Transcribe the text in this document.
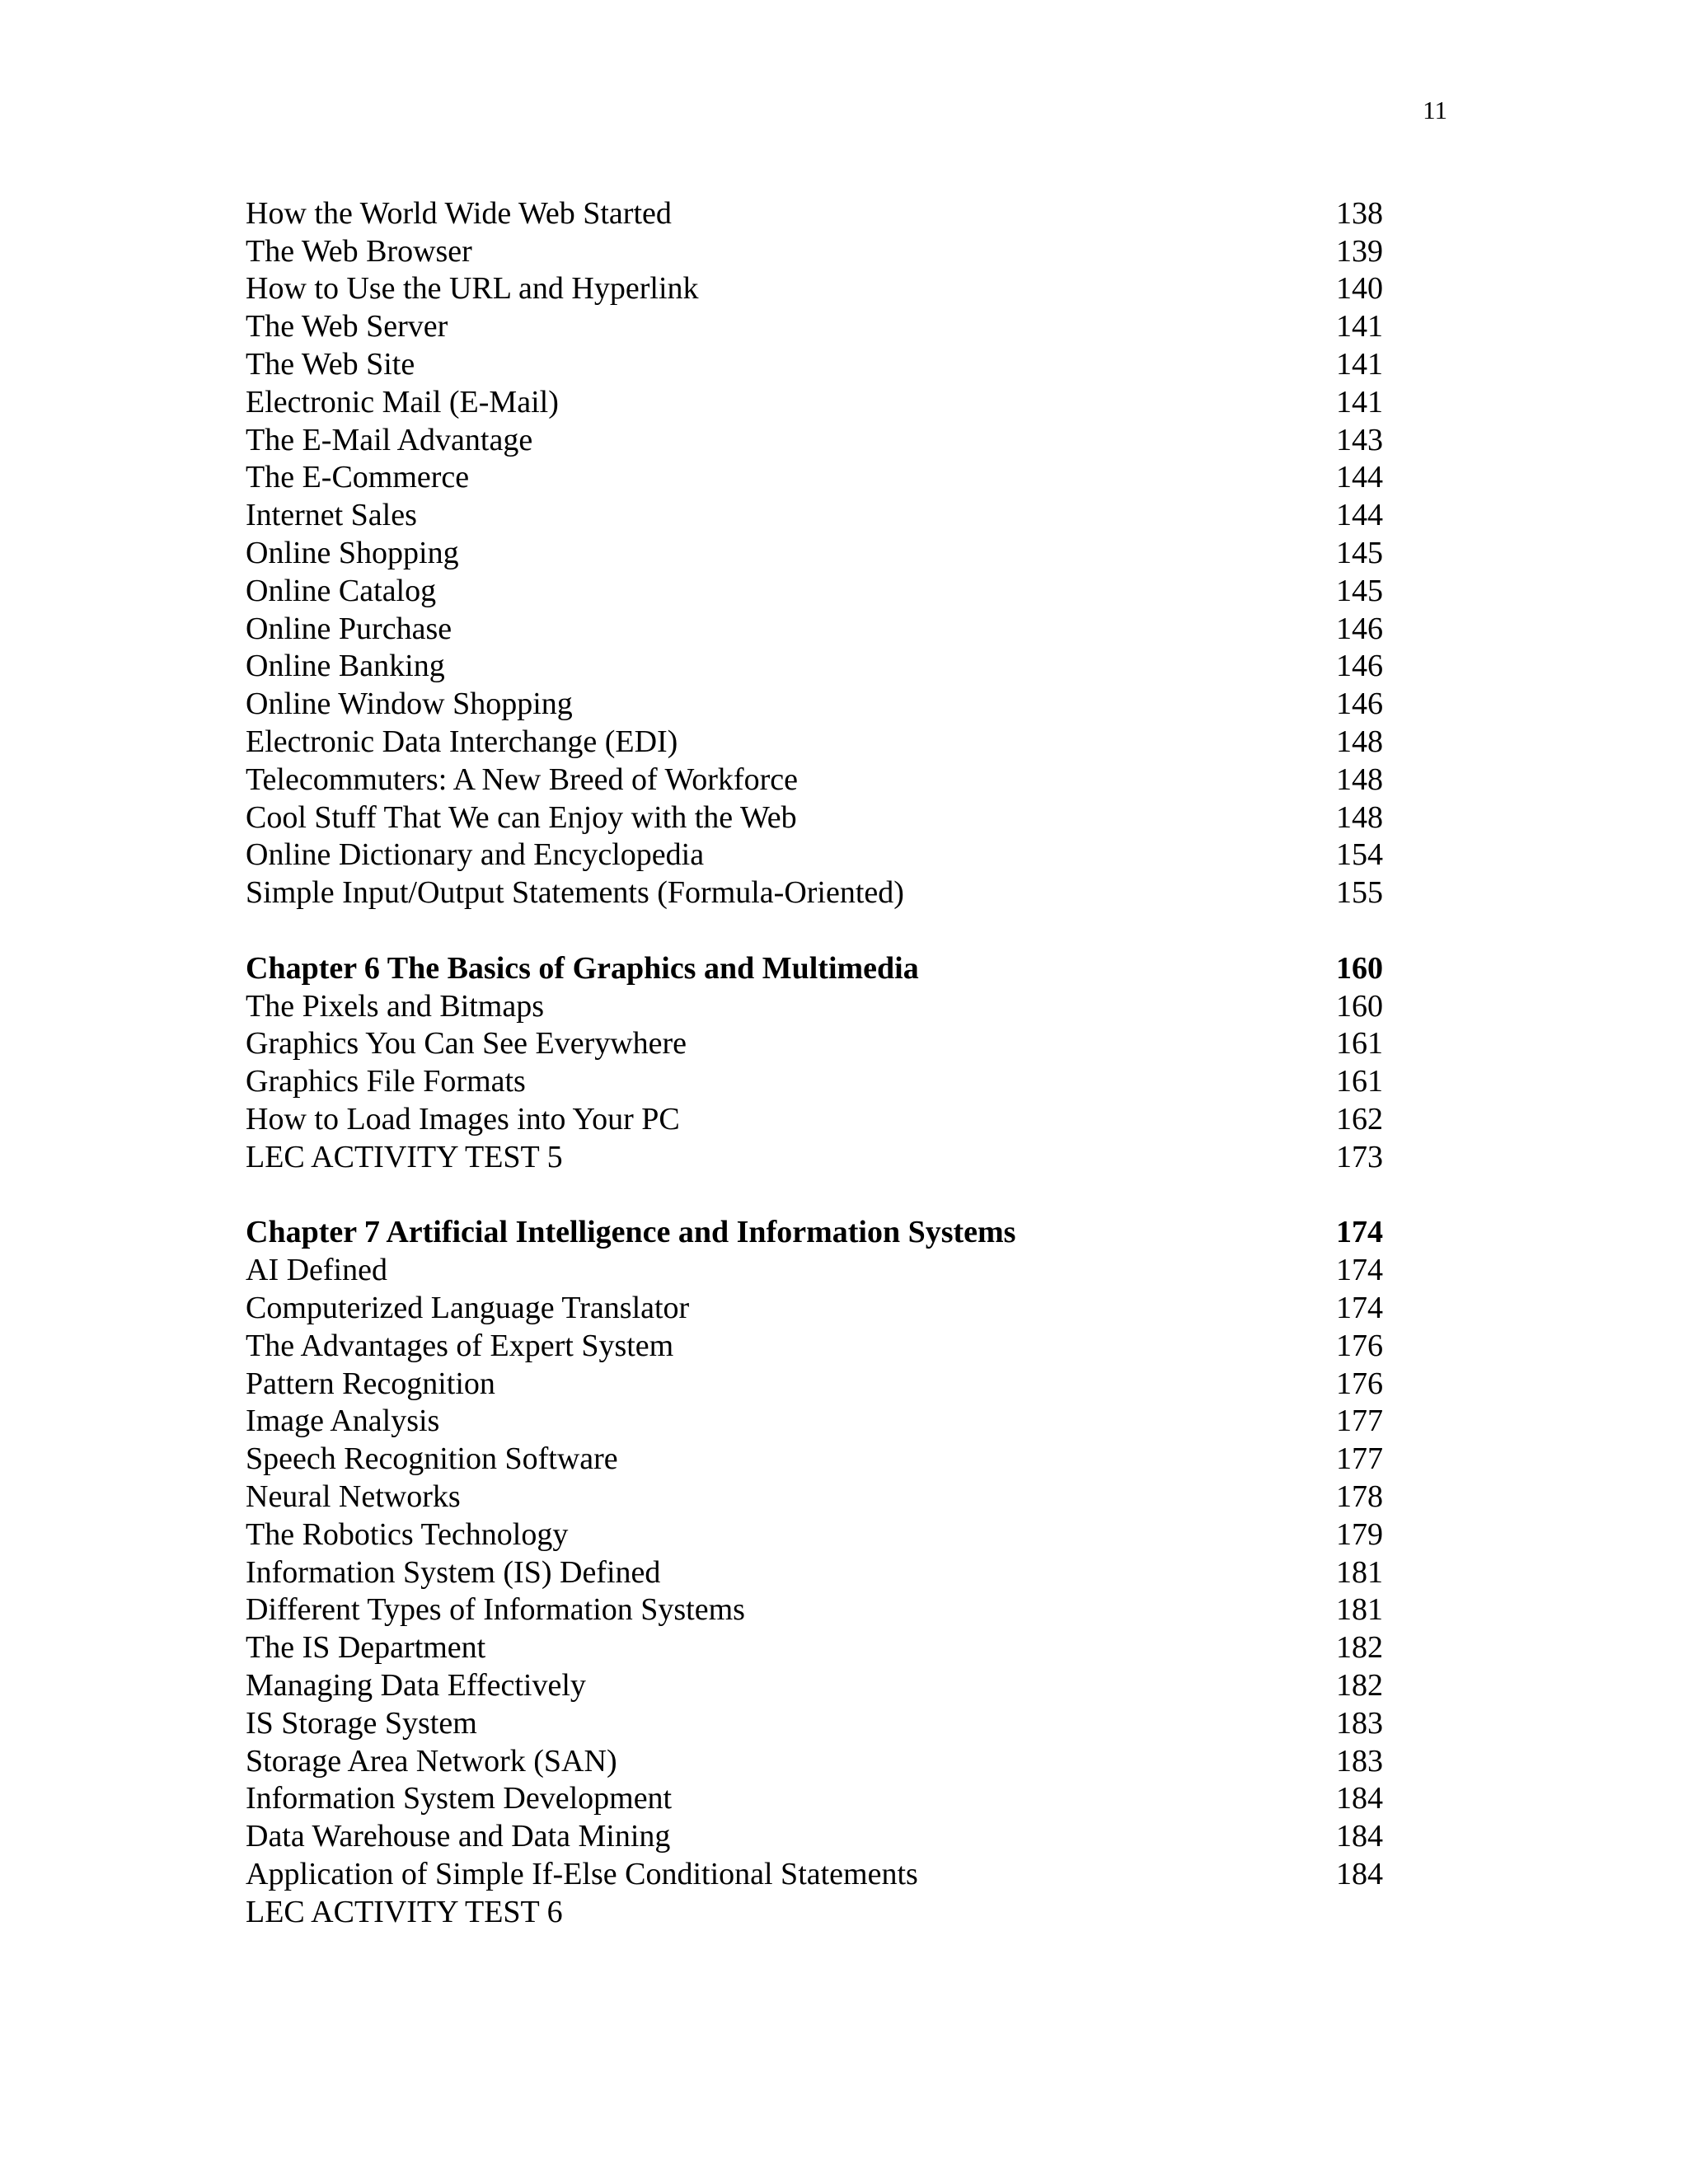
11
How the World Wide Web Started	138
The Web Browser	139
How to Use the URL and Hyperlink	140
The Web Server	141
The Web Site	141
Electronic Mail (E-Mail)	141
The E-Mail Advantage	143
The E-Commerce	144
Internet Sales	144
Online Shopping	145
Online Catalog	145
Online Purchase	146
Online Banking	146
Online Window Shopping	146
Electronic Data Interchange (EDI)	148
Telecommuters: A New Breed of Workforce	148
Cool Stuff That We can Enjoy with the Web	148
Online Dictionary and Encyclopedia	154
Simple Input/Output Statements (Formula-Oriented)	155
Chapter 6 The Basics of Graphics and Multimedia	160
The Pixels and Bitmaps	160
Graphics You Can See Everywhere	161
Graphics File Formats	161
How to Load Images into Your PC	162
LEC ACTIVITY TEST 5	173
Chapter 7 Artificial Intelligence and Information Systems	174
AI Defined	174
Computerized Language Translator	174
The Advantages of Expert System	176
Pattern Recognition	176
Image Analysis	177
Speech Recognition Software	177
Neural Networks	178
The Robotics Technology	179
Information System (IS) Defined	181
Different Types of Information Systems	181
The IS Department	182
Managing Data Effectively	182
IS Storage System	183
Storage Area Network (SAN)	183
Information System Development	184
Data Warehouse and Data Mining	184
Application of Simple If-Else Conditional Statements	184
LEC ACTIVITY TEST 6
